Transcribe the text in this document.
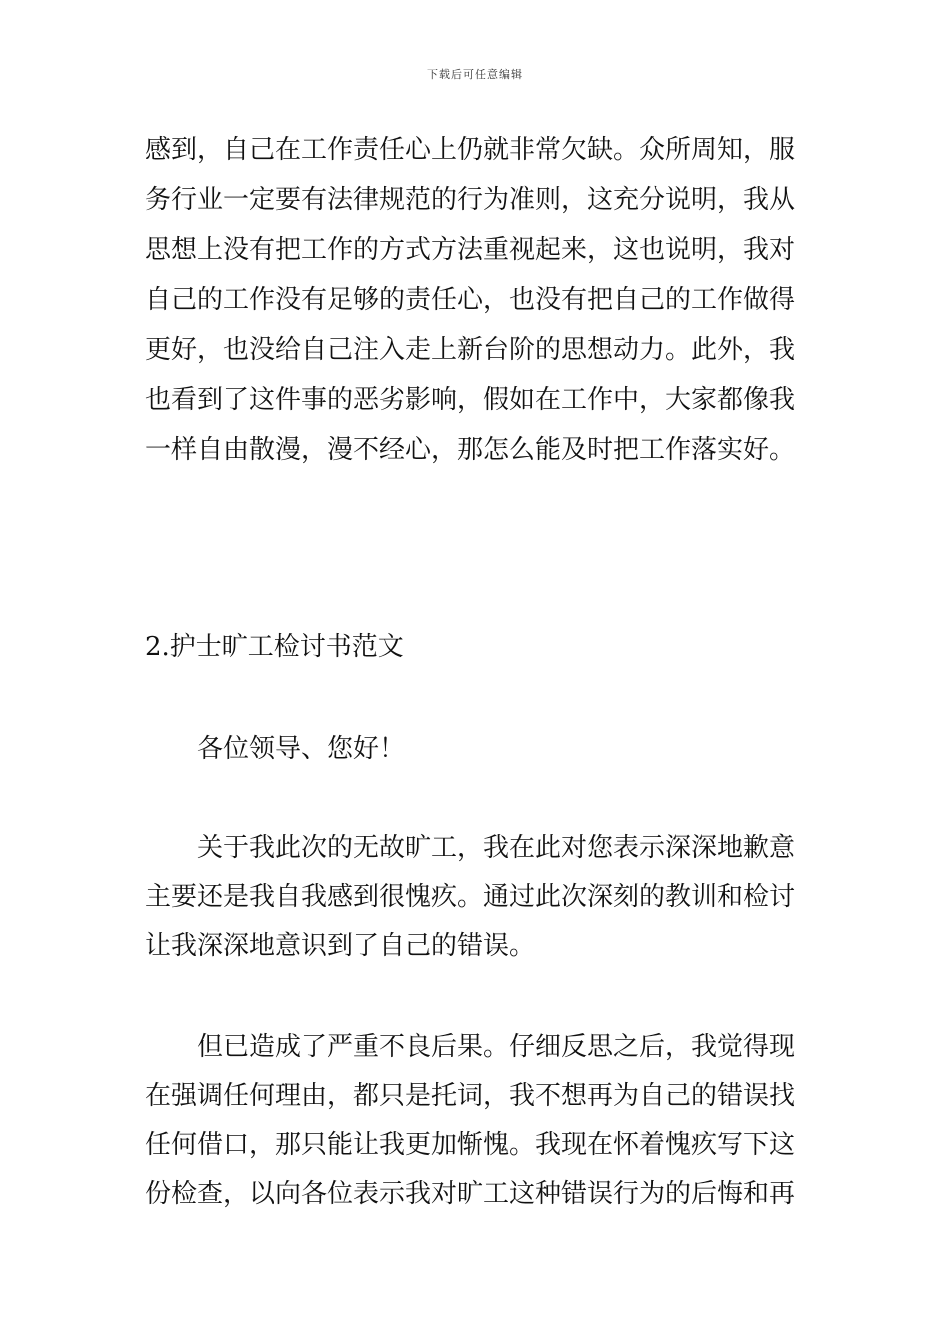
下载后可任意编辑
感到，自己在工作责任心上仍就非常欠缺。众所周知，服
务行业一定要有法律规范的行为准则，这充分说明，我从
思想上没有把工作的方式方法重视起来，这也说明，我对
自己的工作没有足够的责任心，也没有把自己的工作做得
更好，也没给自己注入走上新台阶的思想动力。此外，我
也看到了这件事的恶劣影响，假如在工作中，大家都像我
一样自由散漫，漫不经心，那怎么能及时把工作落实好。
2.护士旷工检讨书范文
各位领导、您好！
关于我此次的无故旷工，我在此对您表示深深地歉意
主要还是我自我感到很愧疚。通过此次深刻的教训和检讨
让我深深地意识到了自己的错误。
但已造成了严重不良后果。仔细反思之后，我觉得现
在强调任何理由，都只是托词，我不想再为自己的错误找
任何借口，那只能让我更加惭愧。我现在怀着愧疚写下这
份检查，以向各位表示我对旷工这种错误行为的后悔和再
